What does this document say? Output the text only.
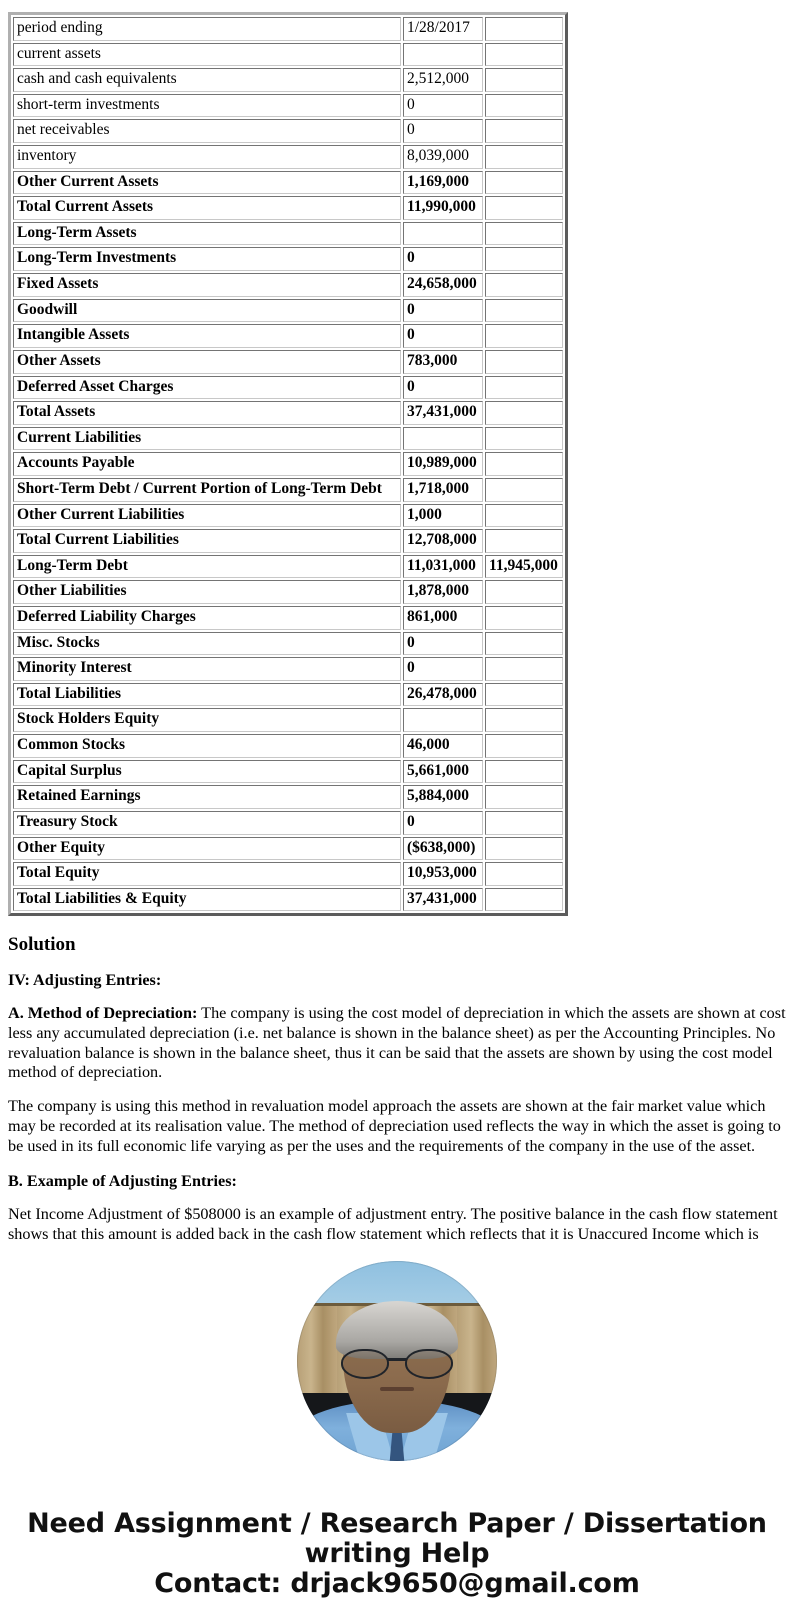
period ending	1/28/2017	
current assets		
cash and cash equivalents	2,512,000	
short-term investments	0	
net receivables	0	
inventory	8,039,000	
Other Current Assets	1,169,000	
Total Current Assets	11,990,000	
Long-Term Assets		
Long-Term Investments	0	
Fixed Assets	24,658,000	
Goodwill	0	
Intangible Assets	0	
Other Assets	783,000	
Deferred Asset Charges	0	
Total Assets	37,431,000	
Current Liabilities		
Accounts Payable	10,989,000	
Short-Term Debt / Current Portion of Long-Term Debt	1,718,000	
Other Current Liabilities	1,000	
Total Current Liabilities	12,708,000	
Long-Term Debt	11,031,000	11,945,000
Other Liabilities	1,878,000	
Deferred Liability Charges	861,000	
Misc. Stocks	0	
Minority Interest	0	
Total Liabilities	26,478,000	
Stock Holders Equity		
Common Stocks	46,000	
Capital Surplus	5,661,000	
Retained Earnings	5,884,000	
Treasury Stock	0	
Other Equity	($638,000)	
Total Equity	10,953,000	
Total Liabilities & Equity	37,431,000	
Solution

IV: Adjusting Entries:

A. Method of Depreciation: The company is using the cost model of depreciation in which the assets are shown at cost less any accumulated depreciation (i.e. net balance is shown in the balance sheet) as per the Accounting Principles. No revaluation balance is shown in the balance sheet, thus it can be said that the assets are shown by using the cost model method of depreciation.

The company is using this method in revaluation model approach the assets are shown at the fair market value which may be recorded at its realisation value. The method of depreciation used reflects the way in which the asset is going to be used in its full economic life varying as per the uses and the requirements of the company in the use of the asset.

B. Example of Adjusting Entries:

Net Income Adjustment of $508000 is an example of adjustment entry. The positive balance in the cash flow statement shows that this amount is added back in the cash flow statement which reflects that it is Unaccured Income which is

Need Assignment / Research Paper / Dissertation writing Help
Contact: drjack9650@gmail.com
